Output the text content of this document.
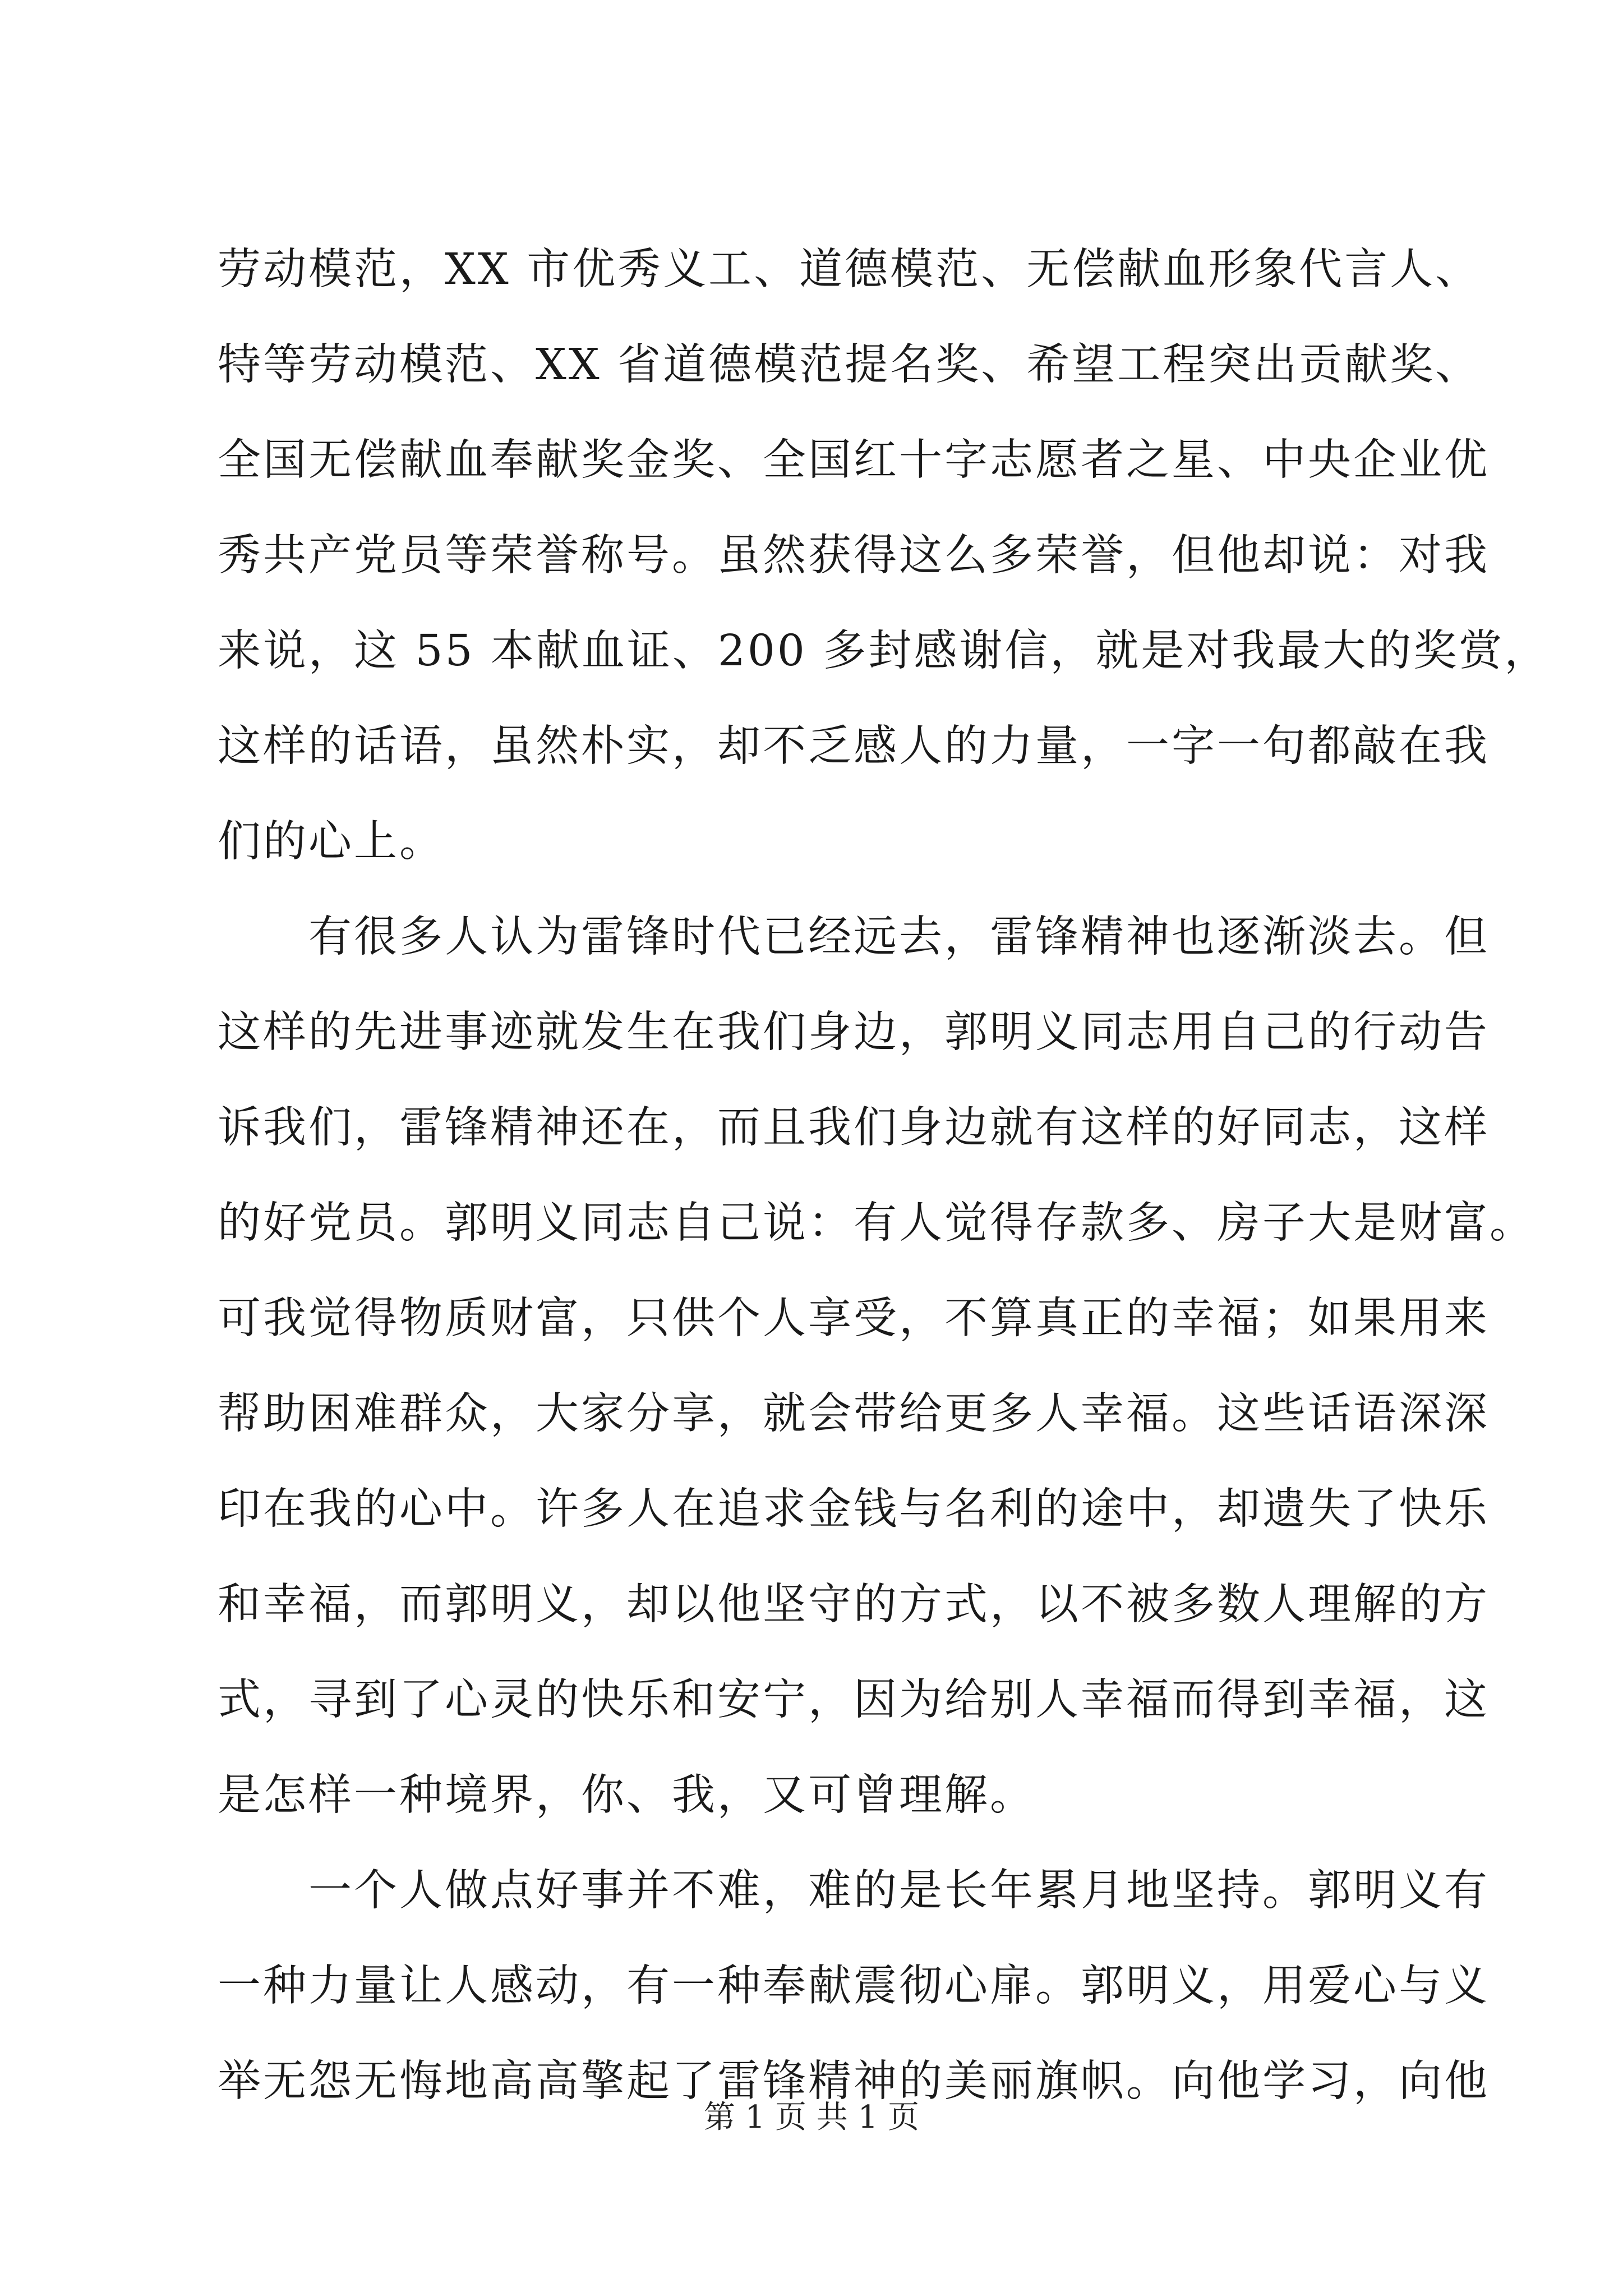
劳动模范，XX 市优秀义工、道德模范、无偿献血形象代言人、
特等劳动模范、XX 省道德模范提名奖、希望工程突出贡献奖、
全国无偿献血奉献奖金奖、全国红十字志愿者之星、中央企业优
秀共产党员等荣誉称号。虽然获得这么多荣誉，但他却说：对我
来说，这 55 本献血证、200 多封感谢信，就是对我最大的奖赏，
这样的话语，虽然朴实，却不乏感人的力量，一字一句都敲在我
们的心上。
　　有很多人认为雷锋时代已经远去，雷锋精神也逐渐淡去。但
这样的先进事迹就发生在我们身边，郭明义同志用自己的行动告
诉我们，雷锋精神还在，而且我们身边就有这样的好同志，这样
的好党员。郭明义同志自己说：有人觉得存款多、房子大是财富。
可我觉得物质财富，只供个人享受，不算真正的幸福；如果用来
帮助困难群众，大家分享，就会带给更多人幸福。这些话语深深
印在我的心中。许多人在追求金钱与名利的途中，却遗失了快乐
和幸福，而郭明义，却以他坚守的方式，以不被多数人理解的方
式，寻到了心灵的快乐和安宁，因为给别人幸福而得到幸福，这
是怎样一种境界，你、我，又可曾理解。
　　一个人做点好事并不难，难的是长年累月地坚持。郭明义有
一种力量让人感动，有一种奉献震彻心扉。郭明义，用爱心与义
举无怨无悔地高高擎起了雷锋精神的美丽旗帜。向他学习，向他
第 1 页 共 1 页
